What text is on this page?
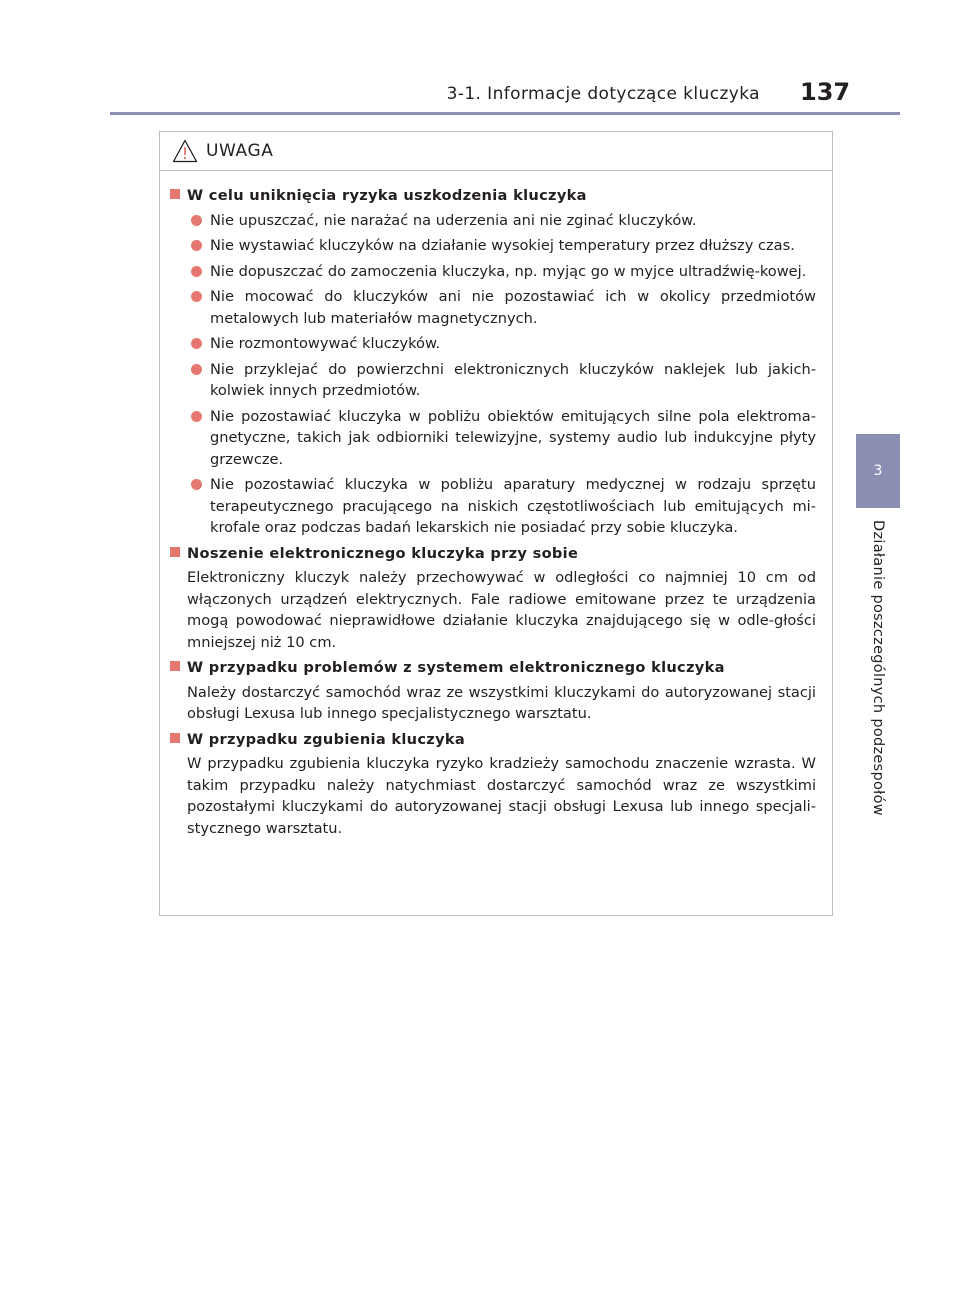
3-1. Informacje dotyczące kluczyka 137
3
Działanie poszczególnych podzespołów
UWAGA
W celu uniknięcia ryzyka uszkodzenia kluczyka
Nie upuszczać, nie narażać na uderzenia ani nie zginać kluczyków.
Nie wystawiać kluczyków na działanie wysokiej temperatury przez dłuższy czas.
Nie dopuszczać do zamoczenia kluczyka, np. myjąc go w myjce ultradźwię-kowej.
Nie mocować do kluczyków ani nie pozostawiać ich w okolicy przedmiotów metalowych lub materiałów magnetycznych.
Nie rozmontowywać kluczyków.
Nie przyklejać do powierzchni elektronicznych kluczyków naklejek lub jakich-kolwiek innych przedmiotów.
Nie pozostawiać kluczyka w pobliżu obiektów emitujących silne pola elektroma-gnetyczne, takich jak odbiorniki telewizyjne, systemy audio lub indukcyjne płyty grzewcze.
Nie pozostawiać kluczyka w pobliżu aparatury medycznej w rodzaju sprzętu terapeutycznego pracującego na niskich częstotliwościach lub emitujących mi-krofale oraz podczas badań lekarskich nie posiadać przy sobie kluczyka.
Noszenie elektronicznego kluczyka przy sobie
Elektroniczny kluczyk należy przechowywać w odległości co najmniej 10 cm od włączonych urządzeń elektrycznych. Fale radiowe emitowane przez te urządzenia mogą powodować nieprawidłowe działanie kluczyka znajdującego się w odle-głości mniejszej niż 10 cm.
W przypadku problemów z systemem elektronicznego kluczyka
Należy dostarczyć samochód wraz ze wszystkimi kluczykami do autoryzowanej stacji obsługi Lexusa lub innego specjalistycznego warsztatu.
W przypadku zgubienia kluczyka
W przypadku zgubienia kluczyka ryzyko kradzieży samochodu znaczenie wzrasta. W takim przypadku należy natychmiast dostarczyć samochód wraz ze wszystkimi pozostałymi kluczykami do autoryzowanej stacji obsługi Lexusa lub innego specjali-stycznego warsztatu.
